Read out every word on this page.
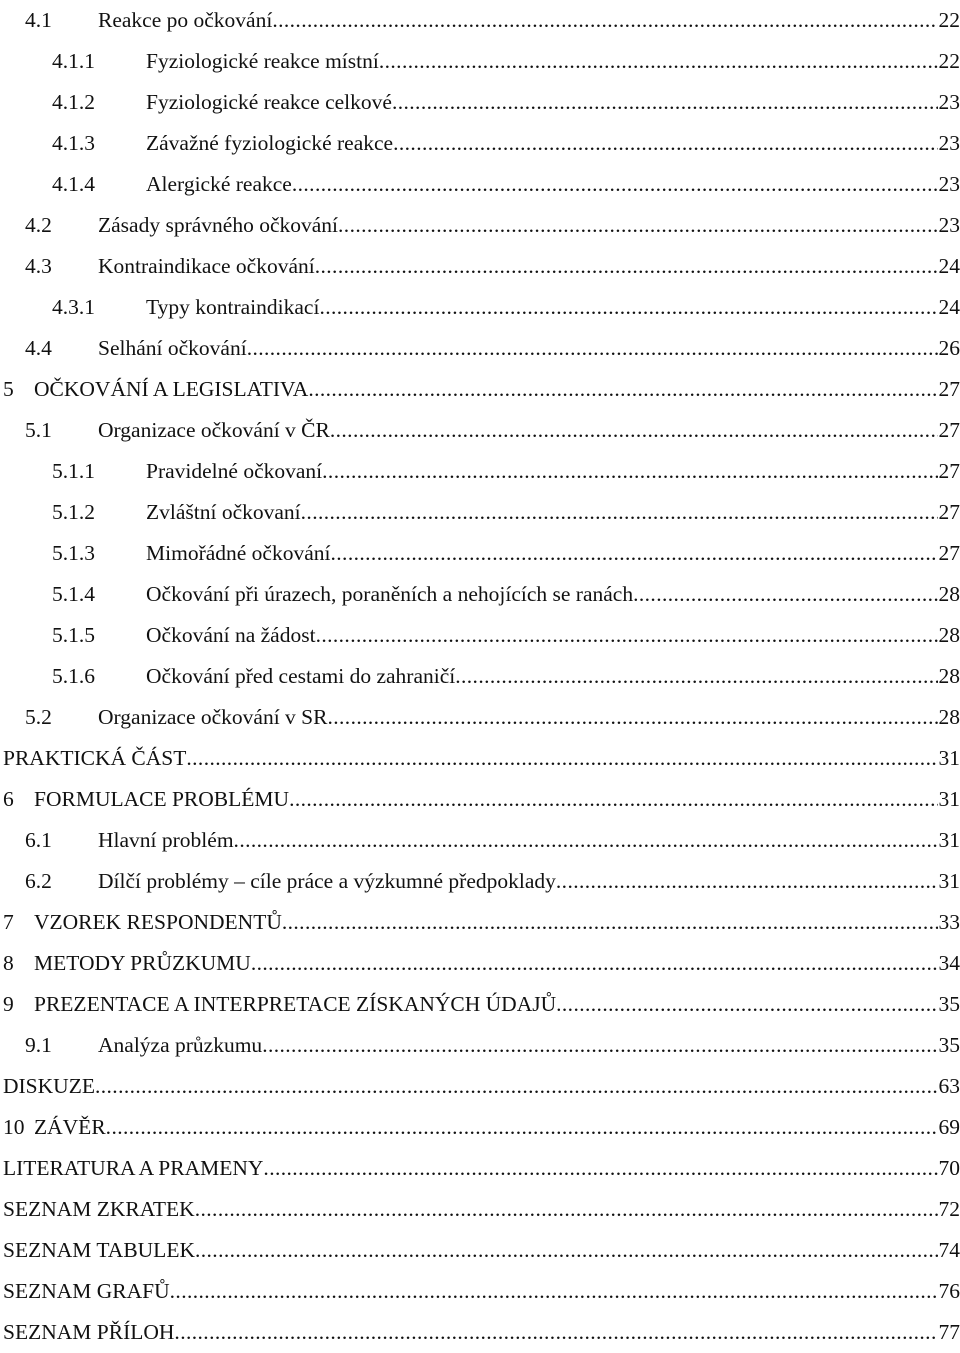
4.1 Reakce po očkování .....	22
4.1.1 Fyziologické reakce místní .....	22
4.1.2 Fyziologické reakce celkové .....	23
4.1.3 Závažné fyziologické reakce .....	23
4.1.4 Alergické reakce .....	23
4.2 Zásady správného očkování .....	23
4.3 Kontraindikace očkování .....	24
4.3.1 Typy kontraindikací .....	24
4.4 Selhání očkování .....	26
5 OČKOVÁNÍ A LEGISLATIVA .....	27
5.1 Organizace očkování v ČR .....	27
5.1.1 Pravidelné očkovaní .....	27
5.1.2 Zvláštní očkovaní .....	27
5.1.3 Mimořádné očkování .....	27
5.1.4 Očkování při úrazech, poraněních a nehojících se ranách .....	28
5.1.5 Očkování na žádost .....	28
5.1.6 Očkování před cestami do zahraničí .....	28
5.2 Organizace očkování v SR .....	28
PRAKTICKÁ ČÁST .....	31
6 FORMULACE PROBLÉMU .....	31
6.1 Hlavní problém .....	31
6.2 Dílčí problémy – cíle práce a výzkumné předpoklady .....	31
7 VZOREK RESPONDENTŮ .....	33
8 METODY PRŮZKUMU .....	34
9 PREZENTACE A INTERPRETACE ZÍSKANÝCH ÚDAJŮ .....	35
9.1 Analýza průzkumu .....	35
DISKUZE .....	63
10 ZÁVĚR .....	69
LITERATURA A PRAMENY .....	70
SEZNAM ZKRATEK .....	72
SEZNAM TABULEK .....	74
SEZNAM GRAFŮ .....	76
SEZNAM PŘÍLOH .....	77
